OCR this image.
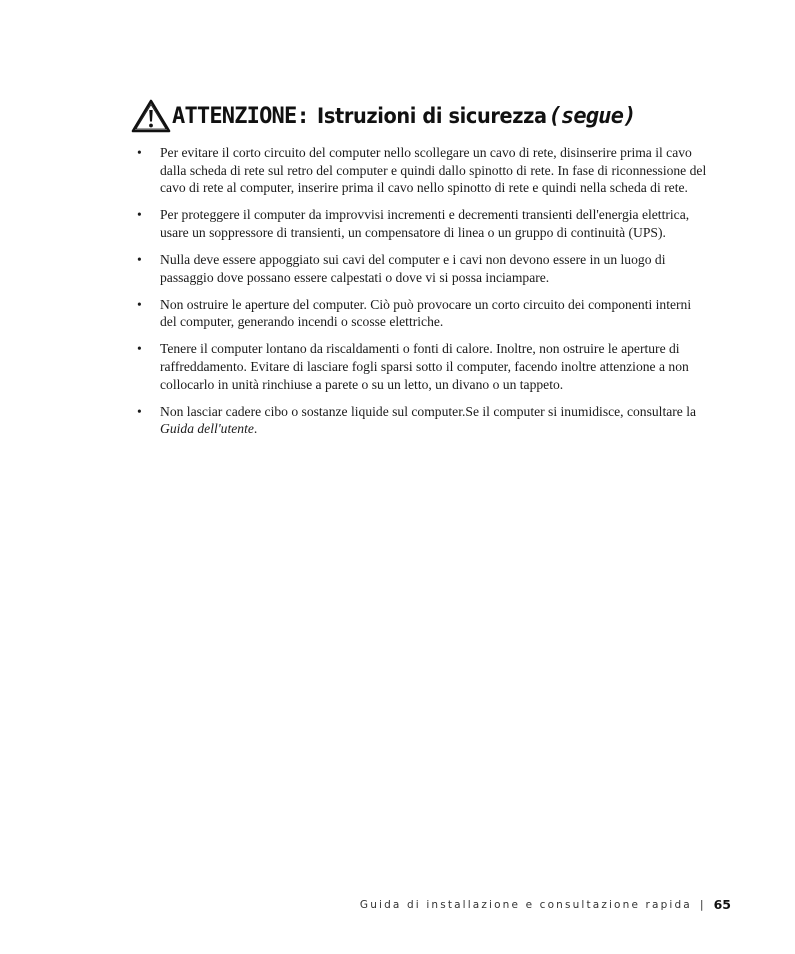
ATTENZIONE: Istruzioni di sicurezza (segue)
• Per evitare il corto circuito del computer nello scollegare un cavo di rete, disinserire prima il cavo dalla scheda di rete sul retro del computer e quindi dallo spinotto di rete. In fase di riconnessione del cavo di rete al computer, inserire prima il cavo nello spinotto di rete e quindi nella scheda di rete.
• Per proteggere il computer da improvvisi incrementi e decrementi transienti dell'energia elettrica, usare un soppressore di transienti, un compensatore di linea o un gruppo di continuità (UPS).
• Nulla deve essere appoggiato sui cavi del computer e i cavi non devono essere in un luogo di passaggio dove possano essere calpestati o dove vi si possa inciampare.
• Non ostruire le aperture del computer. Ciò può provocare un corto circuito dei componenti interni del computer, generando incendi o scosse elettriche.
• Tenere il computer lontano da riscaldamenti o fonti di calore. Inoltre, non ostruire le aperture di raffreddamento. Evitare di lasciare fogli sparsi sotto il computer, facendo inoltre attenzione a non collocarlo in unità rinchiuse a parete o su un letto, un divano o un tappeto.
• Non lasciar cadere cibo o sostanze liquide sul computer.Se il computer si inumidisce, consultare la Guida dell'utente.
Guida di installazione e consultazione rapida | 65
